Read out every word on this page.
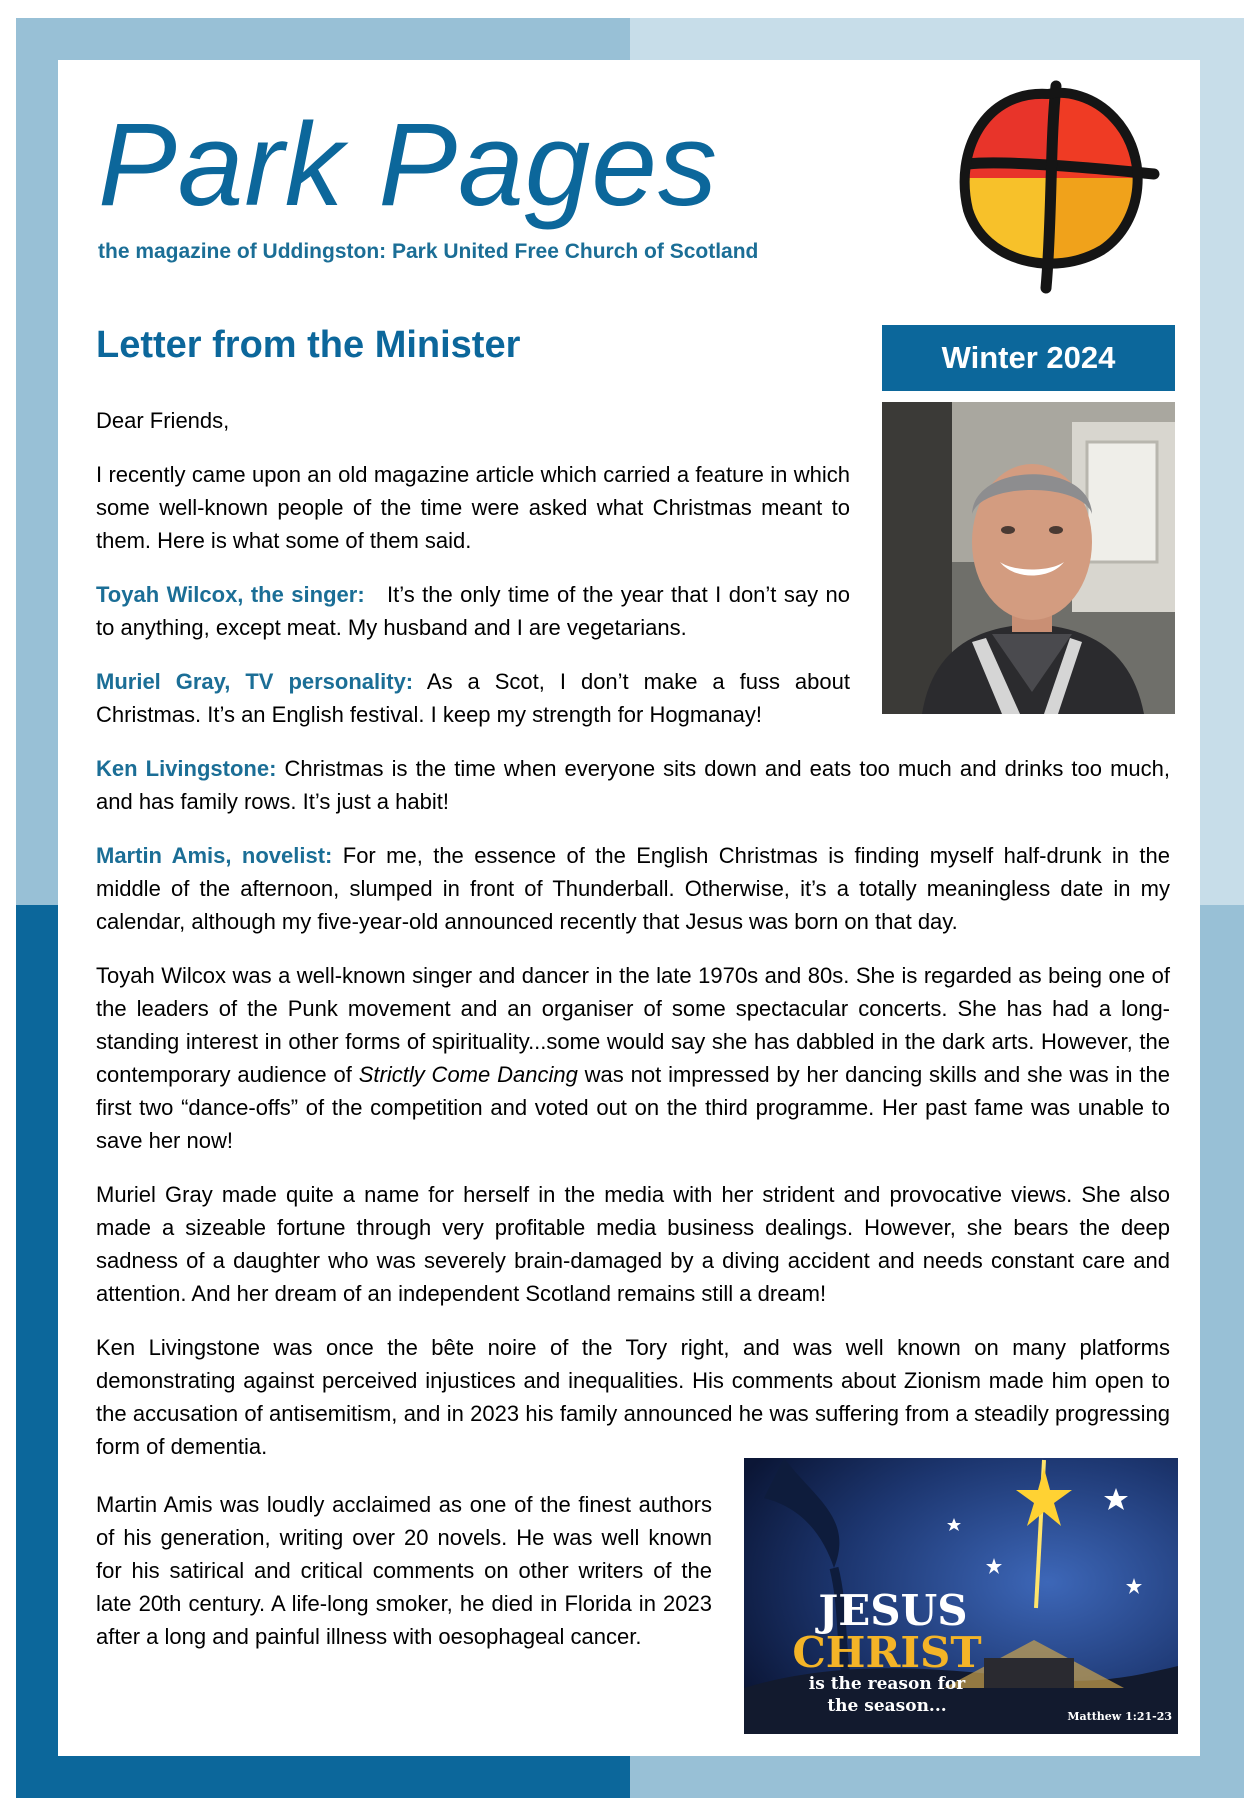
Park Pages
the magazine of Uddingston: Park United Free Church of Scotland
Letter from the Minister	Winter 2024

Dear Friends,

I recently came upon an old magazine article which carried a feature in which some well-known people of the time were asked what Christmas meant to them. Here is what some of them said.

Toyah Wilcox, the singer: It’s the only time of the year that I don’t say no to anything, except meat. My husband and I are vegetarians.

Muriel Gray, TV personality: As a Scot, I don’t make a fuss about Christmas. It’s an English festival. I keep my strength for Hogmanay!

Ken Livingstone: Christmas is the time when everyone sits down and eats too much and drinks too much, and has family rows. It’s just a habit!

Martin Amis, novelist: For me, the essence of the English Christmas is finding myself half-drunk in the middle of the afternoon, slumped in front of Thunderball. Otherwise, it’s a totally meaningless date in my calendar, although my five-year-old announced recently that Jesus was born on that day.

Toyah Wilcox was a well-known singer and dancer in the late 1970s and 80s. She is regarded as being one of the leaders of the Punk movement and an organiser of some spectacular concerts. She has had a long-standing interest in other forms of spirituality...some would say she has dabbled in the dark arts. However, the contemporary audience of Strictly Come Dancing was not impressed by her dancing skills and she was in the first two “dance-offs” of the competition and voted out on the third programme. Her past fame was unable to save her now!

Muriel Gray made quite a name for herself in the media with her strident and provocative views. She also made a sizeable fortune through very profitable media business dealings. However, she bears the deep sadness of a daughter who was severely brain-damaged by a diving accident and needs constant care and attention. And her dream of an independent Scotland remains still a dream!

Ken Livingstone was once the bête noire of the Tory right, and was well known on many platforms demonstrating against perceived injustices and inequalities. His comments about Zionism made him open to the accusation of antisemitism, and in 2023 his family announced he was suffering from a steadily progressing form of dementia.

Martin Amis was loudly acclaimed as one of the finest authors of his generation, writing over 20 novels. He was well known for his satirical and critical comments on other writers of the late 20th century. A life-long smoker, he died in Florida in 2023 after a long and painful illness with oesophageal cancer.

JESUS
CHRIST
is the reason for
the season...
Matthew 1:21-23
